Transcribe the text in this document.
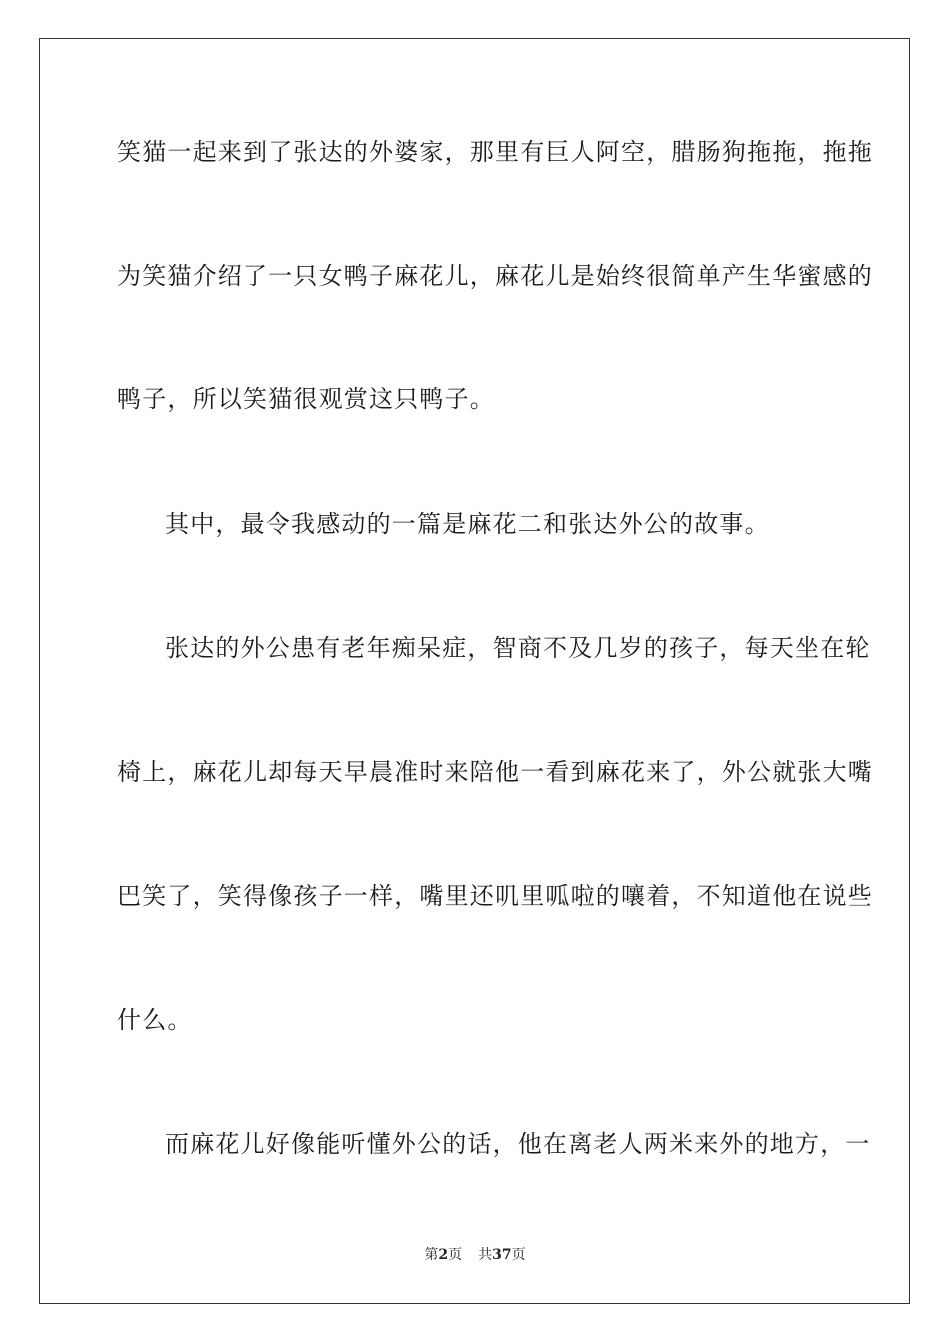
笑猫一起来到了张达的外婆家，那里有巨人阿空，腊肠狗拖拖，拖拖
为笑猫介绍了一只女鸭子麻花儿，麻花儿是始终很简单产生华蜜感的
鸭子，所以笑猫很观赏这只鸭子。
其中，最令我感动的一篇是麻花二和张达外公的故事。
张达的外公患有老年痴呆症，智商不及几岁的孩子，每天坐在轮
椅上，麻花儿却每天早晨准时来陪他一看到麻花来了，外公就张大嘴
巴笑了，笑得像孩子一样，嘴里还叽里呱啦的嚷着，不知道他在说些
什么。
而麻花儿好像能听懂外公的话，他在离老人两米来外的地方，一
第2页 共37页
